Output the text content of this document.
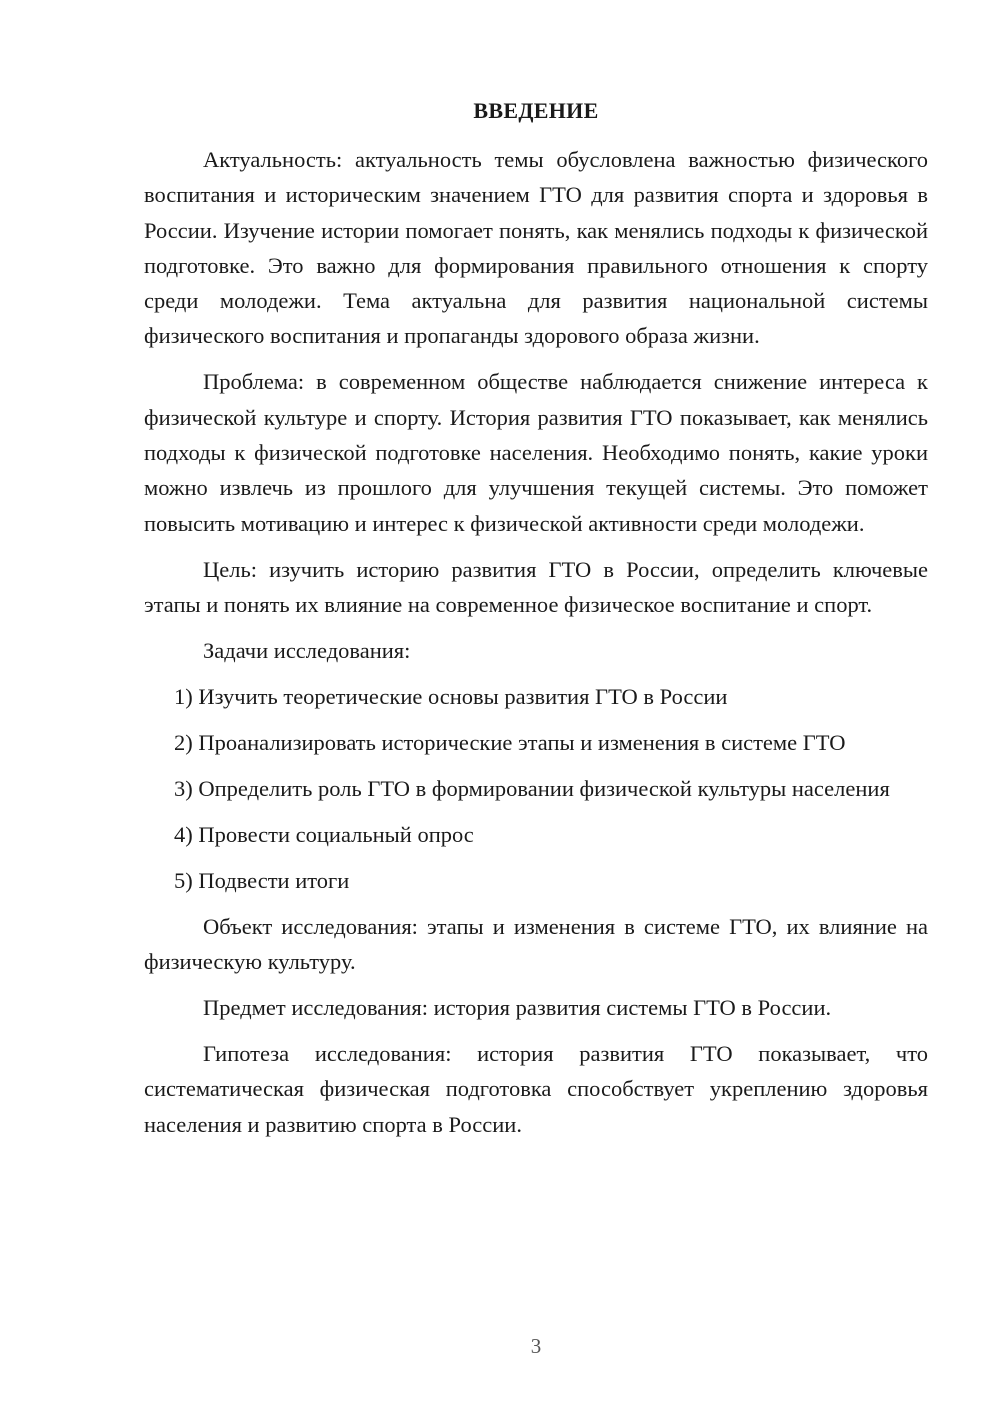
ВВЕДЕНИЕ

Актуальность: актуальность темы обусловлена важностью физического воспитания и историческим значением ГТО для развития спорта и здоровья в России. Изучение истории помогает понять, как менялись подходы к физической подготовке. Это важно для формирования правильного отношения к спорту среди молодежи. Тема актуальна для развития национальной системы физического воспитания и пропаганды здорового образа жизни.

Проблема: в современном обществе наблюдается снижение интереса к физической культуре и спорту. История развития ГТО показывает, как менялись подходы к физической подготовке населения. Необходимо понять, какие уроки можно извлечь из прошлого для улучшения текущей системы. Это поможет повысить мотивацию и интерес к физической активности среди молодежи.

Цель: изучить историю развития ГТО в России, определить ключевые этапы и понять их влияние на современное физическое воспитание и спорт.

Задачи исследования:

1) Изучить теоретические основы развития ГТО в России

2) Проанализировать исторические этапы и изменения в системе ГТО

3) Определить роль ГТО в формировании физической культуры населения

4) Провести социальный опрос

5) Подвести итоги

Объект исследования: этапы и изменения в системе ГТО, их влияние на физическую культуру.

Предмет исследования: история развития системы ГТО в России.

Гипотеза исследования: история развития ГТО показывает, что систематическая физическая подготовка способствует укреплению здоровья населения и развитию спорта в России.

3
